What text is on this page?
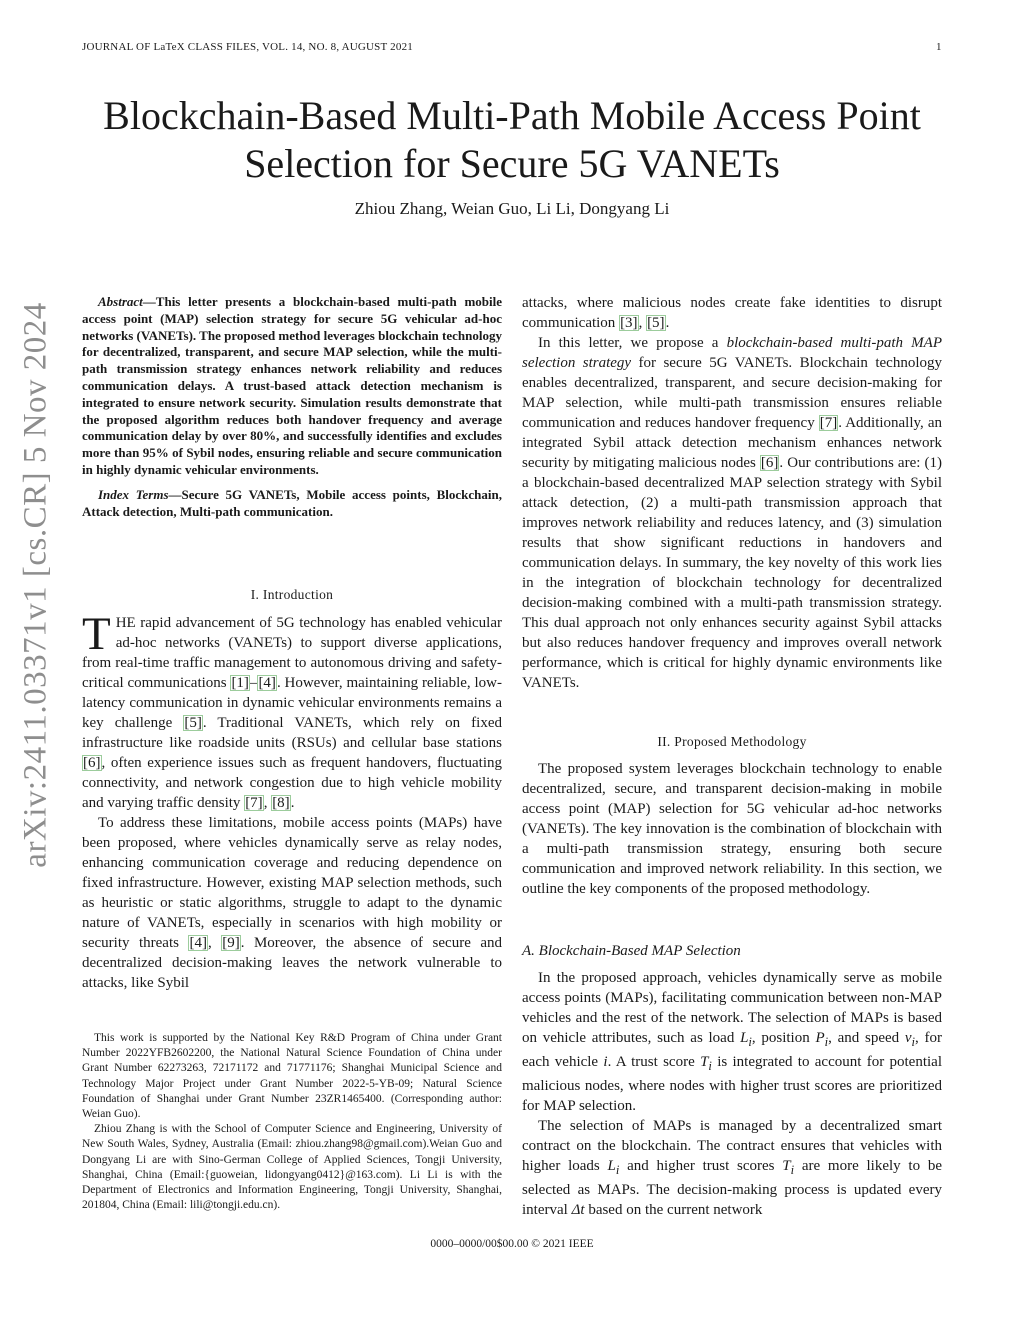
JOURNAL OF LaTeX CLASS FILES, VOL. 14, NO. 8, AUGUST 2021	1
Blockchain-Based Multi-Path Mobile Access Point
Selection for Secure 5G VANETs
Zhiou Zhang, Weian Guo, Li Li, Dongyang Li
arXiv:2411.03371v1 [cs.CR] 5 Nov 2024

Abstract—This letter presents a blockchain-based multi-path mobile access point (MAP) selection strategy for secure 5G vehicular ad-hoc networks (VANETs). The proposed method leverages blockchain technology for decentralized, transparent, and secure MAP selection, while the multi-path transmission strategy enhances network reliability and reduces communication delays. A trust-based attack detection mechanism is integrated to ensure network security. Simulation results demonstrate that the proposed algorithm reduces both handover frequency and average communication delay by over 80%, and successfully identifies and excludes more than 95% of Sybil nodes, ensuring reliable and secure communication in highly dynamic vehicular environments.

Index Terms—Secure 5G VANETs, Mobile access points, Blockchain, Attack detection, Multi-path communication.

I. Introduction

THE rapid advancement of 5G technology has enabled vehicular ad-hoc networks (VANETs) to support diverse applications, from real-time traffic management to autonomous driving and safety-critical communications [1]–[4]. However, maintaining reliable, low-latency communication in dynamic vehicular environments remains a key challenge [5]. Traditional VANETs, which rely on fixed infrastructure like roadside units (RSUs) and cellular base stations [6], often experience issues such as frequent handovers, fluctuating connectivity, and network congestion due to high vehicle mobility and varying traffic density [7], [8].

To address these limitations, mobile access points (MAPs) have been proposed, where vehicles dynamically serve as relay nodes, enhancing communication coverage and reducing dependence on fixed infrastructure. However, existing MAP selection methods, such as heuristic or static algorithms, struggle to adapt to the dynamic nature of VANETs, especially in scenarios with high mobility or security threats [4], [9]. Moreover, the absence of secure and decentralized decision-making leaves the network vulnerable to attacks, like Sybil

This work is supported by the National Key R&D Program of China under Grant Number 2022YFB2602200, the National Natural Science Foundation of China under Grant Number 62273263, 72171172 and 71771176; Shanghai Municipal Science and Technology Major Project under Grant Number 2022-5-YB-09; Natural Science Foundation of Shanghai under Grant Number 23ZR1465400. (Corresponding author: Weian Guo).

Zhiou Zhang is with the School of Computer Science and Engineering, University of New South Wales, Sydney, Australia (Email: zhiou.zhang98@gmail.com).Weian Guo and Dongyang Li are with Sino-German College of Applied Sciences, Tongji University, Shanghai, China (Email:{guoweian, lidongyang0412}@163.com). Li Li is with the Department of Electronics and Information Engineering, Tongji University, Shanghai, 201804, China (Email: lili@tongji.edu.cn).

attacks, where malicious nodes create fake identities to disrupt communication [3], [5].

In this letter, we propose a blockchain-based multi-path MAP selection strategy for secure 5G VANETs. Blockchain technology enables decentralized, transparent, and secure decision-making for MAP selection, while multi-path transmission ensures reliable communication and reduces handover frequency [7]. Additionally, an integrated Sybil attack detection mechanism enhances network security by mitigating malicious nodes [6]. Our contributions are: (1) a blockchain-based decentralized MAP selection strategy with Sybil attack detection, (2) a multi-path transmission approach that improves network reliability and reduces latency, and (3) simulation results that show significant reductions in handovers and communication delays. In summary, the key novelty of this work lies in the integration of blockchain technology for decentralized decision-making combined with a multi-path transmission strategy. This dual approach not only enhances security against Sybil attacks but also reduces handover frequency and improves overall network performance, which is critical for highly dynamic environments like VANETs.

II. Proposed Methodology

The proposed system leverages blockchain technology to enable decentralized, secure, and transparent decision-making in mobile access point (MAP) selection for 5G vehicular ad-hoc networks (VANETs). The key innovation is the combination of blockchain with a multi-path transmission strategy, ensuring both secure communication and improved network reliability. In this section, we outline the key components of the proposed methodology.

A. Blockchain-Based MAP Selection

In the proposed approach, vehicles dynamically serve as mobile access points (MAPs), facilitating communication between non-MAP vehicles and the rest of the network. The selection of MAPs is based on vehicle attributes, such as load $L_i$, position $P_i$, and speed $v_i$, for each vehicle i. A trust score $T_i$ is integrated to account for potential malicious nodes, where nodes with higher trust scores are prioritized for MAP selection.

The selection of MAPs is managed by a decentralized smart contract on the blockchain. The contract ensures that vehicles with higher loads $L_i$ and higher trust scores $T_i$ are more likely to be selected as MAPs. The decision-making process is updated every interval Δt based on the current network

0000–0000/00$00.00 © 2021 IEEE
